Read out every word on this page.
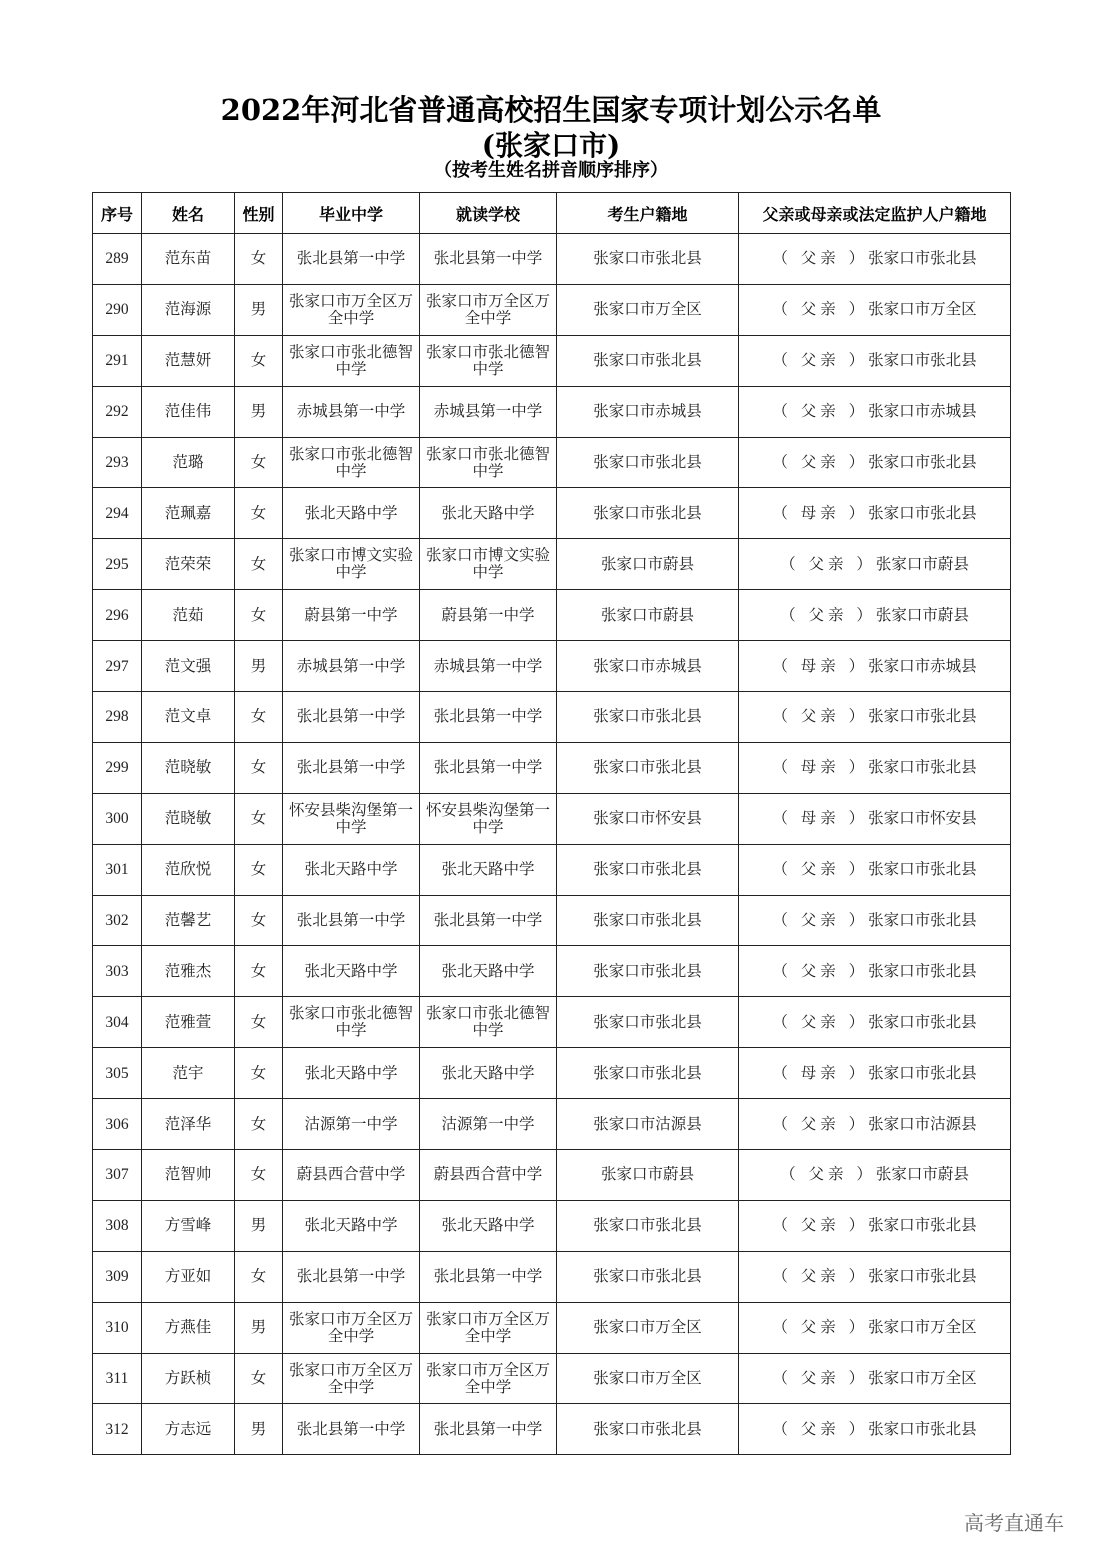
2022年河北省普通高校招生国家专项计划公示名单
(张家口市)
（按考生姓名拼音顺序排序）
序号	姓名	性别	毕业中学	就读学校	考生户籍地	父亲或母亲或法定监护人户籍地
289	范东苗	女	张北县第一中学	张北县第一中学	张家口市张北县	（ 父亲 ）张家口市张北县
290	范海源	男	张家口市万全区万全中学	张家口市万全区万全中学	张家口市万全区	（ 父亲 ）张家口市万全区
291	范慧妍	女	张家口市张北德智中学	张家口市张北德智中学	张家口市张北县	（ 父亲 ）张家口市张北县
292	范佳伟	男	赤城县第一中学	赤城县第一中学	张家口市赤城县	（ 父亲 ）张家口市赤城县
293	范璐	女	张家口市张北德智中学	张家口市张北德智中学	张家口市张北县	（ 父亲 ）张家口市张北县
294	范珮嘉	女	张北天路中学	张北天路中学	张家口市张北县	（ 母亲 ）张家口市张北县
295	范荣荣	女	张家口市博文实验中学	张家口市博文实验中学	张家口市蔚县	（ 父亲 ）张家口市蔚县
296	范茹	女	蔚县第一中学	蔚县第一中学	张家口市蔚县	（ 父亲 ）张家口市蔚县
297	范文强	男	赤城县第一中学	赤城县第一中学	张家口市赤城县	（ 母亲 ）张家口市赤城县
298	范文卓	女	张北县第一中学	张北县第一中学	张家口市张北县	（ 父亲 ）张家口市张北县
299	范晓敏	女	张北县第一中学	张北县第一中学	张家口市张北县	（ 母亲 ）张家口市张北县
300	范晓敏	女	怀安县柴沟堡第一中学	怀安县柴沟堡第一中学	张家口市怀安县	（ 母亲 ）张家口市怀安县
301	范欣悦	女	张北天路中学	张北天路中学	张家口市张北县	（ 父亲 ）张家口市张北县
302	范馨艺	女	张北县第一中学	张北县第一中学	张家口市张北县	（ 父亲 ）张家口市张北县
303	范雅杰	女	张北天路中学	张北天路中学	张家口市张北县	（ 父亲 ）张家口市张北县
304	范雅萱	女	张家口市张北德智中学	张家口市张北德智中学	张家口市张北县	（ 父亲 ）张家口市张北县
305	范宇	女	张北天路中学	张北天路中学	张家口市张北县	（ 母亲 ）张家口市张北县
306	范泽华	女	沽源第一中学	沽源第一中学	张家口市沽源县	（ 父亲 ）张家口市沽源县
307	范智帅	女	蔚县西合营中学	蔚县西合营中学	张家口市蔚县	（ 父亲 ）张家口市蔚县
308	方雪峰	男	张北天路中学	张北天路中学	张家口市张北县	（ 父亲 ）张家口市张北县
309	方亚如	女	张北县第一中学	张北县第一中学	张家口市张北县	（ 父亲 ）张家口市张北县
310	方燕佳	男	张家口市万全区万全中学	张家口市万全区万全中学	张家口市万全区	（ 父亲 ）张家口市万全区
311	方跃桢	女	张家口市万全区万全中学	张家口市万全区万全中学	张家口市万全区	（ 父亲 ）张家口市万全区
312	方志远	男	张北县第一中学	张北县第一中学	张家口市张北县	（ 父亲 ）张家口市张北县
高考直通车
